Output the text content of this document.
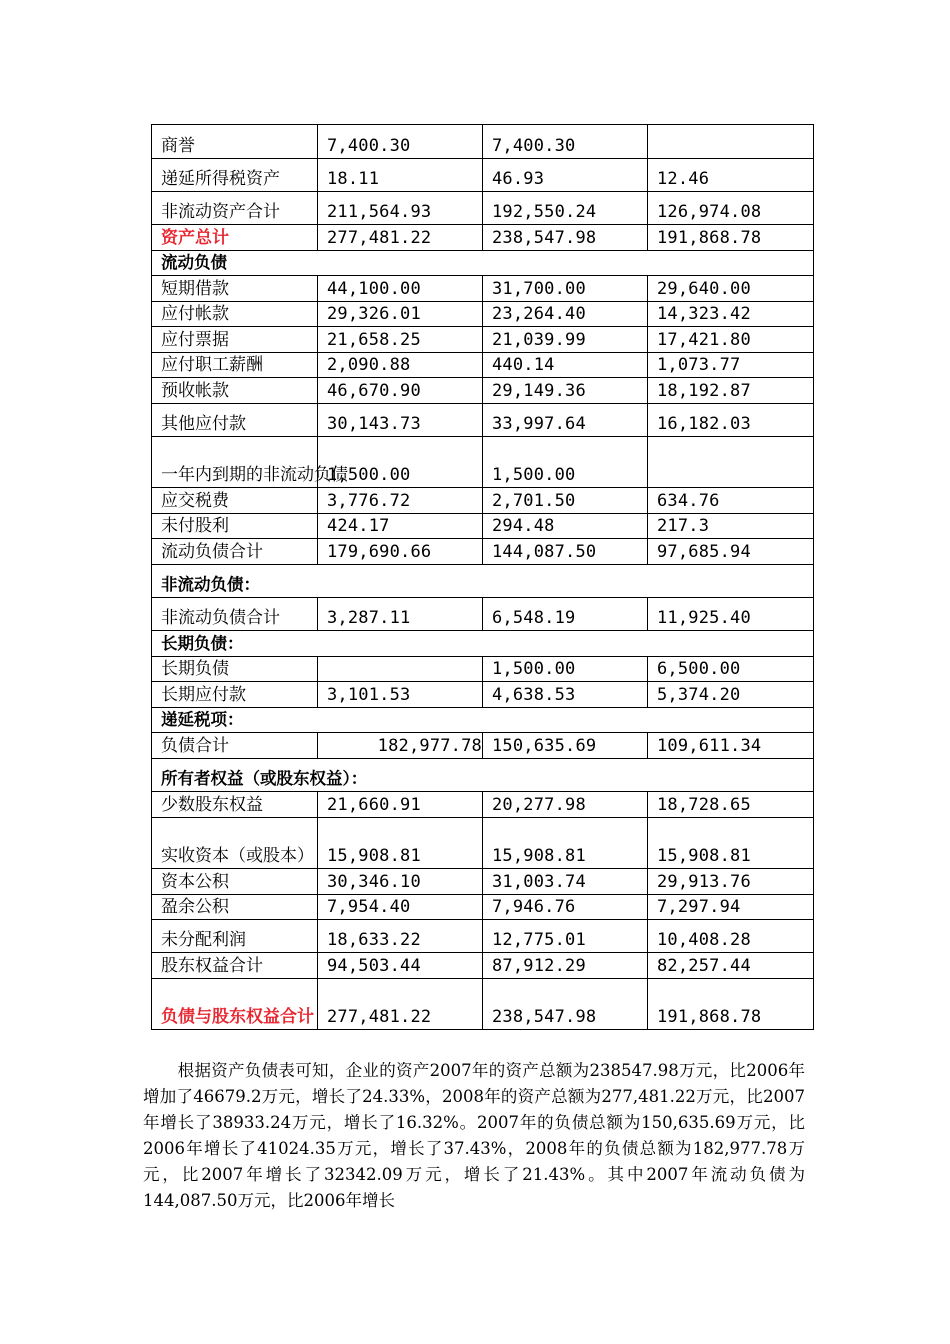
商誉	7,400.30	7,400.30	
递延所得税资产	18.11	46.93	12.46
非流动资产合计	211,564.93	192,550.24	126,974.08
资产总计	277,481.22	238,547.98	191,868.78
流动负债			
短期借款	44,100.00	31,700.00	29,640.00
应付帐款	29,326.01	23,264.40	14,323.42
应付票据	21,658.25	21,039.99	17,421.80
应付职工薪酬	2,090.88	440.14	1,073.77
预收帐款	46,670.90	29,149.36	18,192.87
其他应付款	30,143.73	33,997.64	16,182.03
一年内到期的非流动负债	1,500.00	1,500.00	
应交税费	3,776.72	2,701.50	634.76
未付股利	424.17	294.48	217.3
流动负债合计	179,690.66	144,087.50	97,685.94
非流动负债：			
非流动负债合计	3,287.11	6,548.19	11,925.40
长期负债：			
长期负债		1,500.00	6,500.00
长期应付款	3,101.53	4,638.53	5,374.20
递延税项：			
负债合计	182,977.78	150,635.69	109,611.34
所有者权益（或股东权益）：			
少数股东权益	21,660.91	20,277.98	18,728.65
实收资本（或股本）	15,908.81	15,908.81	15,908.81
资本公积	30,346.10	31,003.74	29,913.76
盈余公积	7,954.40	7,946.76	7,297.94
未分配利润	18,633.22	12,775.01	10,408.28
股东权益合计	94,503.44	87,912.29	82,257.44
负债与股东权益合计	277,481.22	238,547.98	191,868.78

根据资产负债表可知，企业的资产2007年的资产总额为238547.98万元，比2006年增加了46679.2万元，增长了24.33%，2008年的资产总额为277,481.22万元，比2007年增长了38933.24万元，增长了16.32%。2007年的负债总额为150,635.69万元，比2006年增长了41024.35万元，增长了37.43%，2008年的负债总额为182,977.78万元，比2007年增长了32342.09万元，增长了21.43%。其中2007年流动负债为144,087.50万元，比2006年增长
